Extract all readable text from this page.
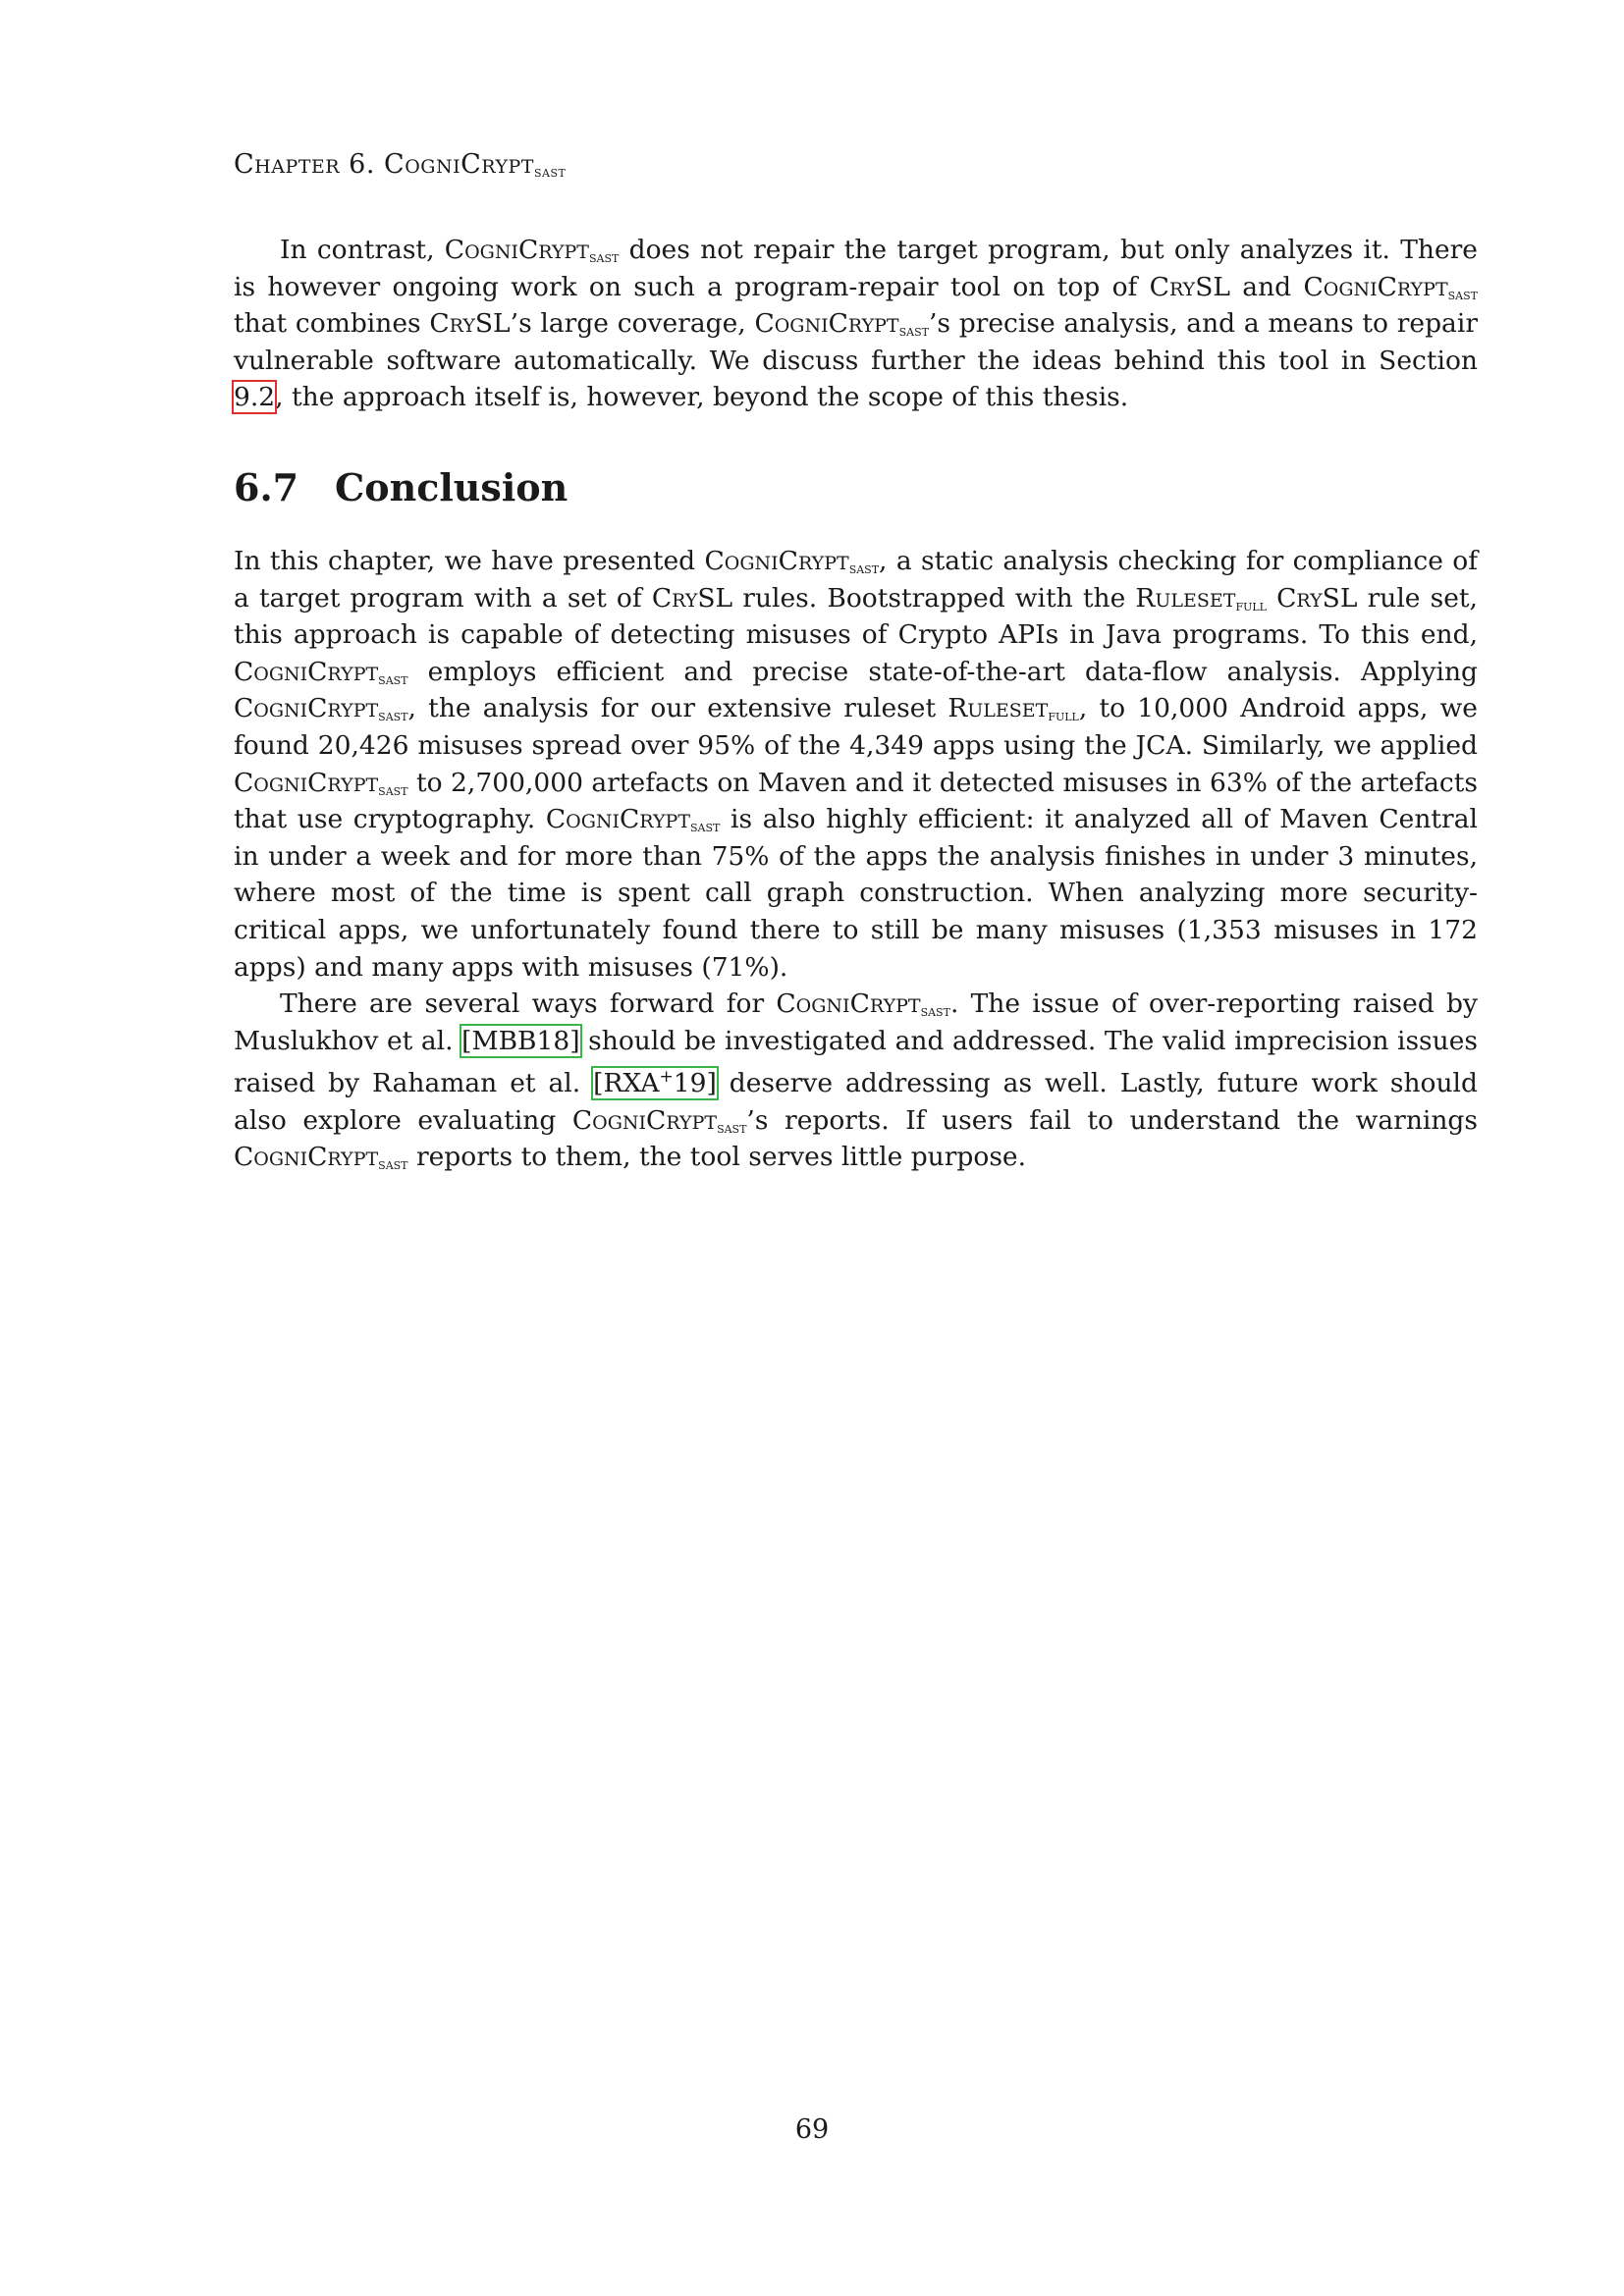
Chapter 6. CogniCrypt$_{sast}$

In contrast, CogniCrypt$_{sast}$ does not repair the target program, but only analyzes it. There is however ongoing work on such a program-repair tool on top of CrySL and CogniCrypt$_{sast}$ that combines CrySL’s large coverage, CogniCrypt$_{sast}$’s precise analysis, and a means to repair vulnerable software automatically. We discuss further the ideas behind this tool in Section 9.2, the approach itself is, however, beyond the scope of this thesis.

6.7 Conclusion

In this chapter, we have presented CogniCrypt$_{sast}$, a static analysis checking for compliance of a target program with a set of CrySL rules. Bootstrapped with the Ruleset$_{full}$ CrySL rule set, this approach is capable of detecting misuses of Crypto APIs in Java programs. To this end, CogniCrypt$_{sast}$ employs efficient and precise state-of-the-art data-flow analysis. Applying CogniCrypt$_{sast}$, the analysis for our extensive ruleset Ruleset$_{full}$, to 10,000 Android apps, we found 20,426 misuses spread over 95% of the 4,349 apps using the JCA. Similarly, we applied CogniCrypt$_{sast}$ to 2,700,000 artefacts on Maven and it detected misuses in 63% of the artefacts that use cryptography. CogniCrypt$_{sast}$ is also highly efficient: it analyzed all of Maven Central in under a week and for more than 75% of the apps the analysis finishes in under 3 minutes, where most of the time is spent call graph construction. When analyzing more security-critical apps, we unfortunately found there to still be many misuses (1,353 misuses in 172 apps) and many apps with misuses (71%).

There are several ways forward for CogniCrypt$_{sast}$. The issue of over-reporting raised by Muslukhov et al. [MBB18] should be investigated and addressed. The valid imprecision issues raised by Rahaman et al. [RXA+19] deserve addressing as well. Lastly, future work should also explore evaluating CogniCrypt$_{sast}$’s reports. If users fail to understand the warnings CogniCrypt$_{sast}$ reports to them, the tool serves little purpose.

69
